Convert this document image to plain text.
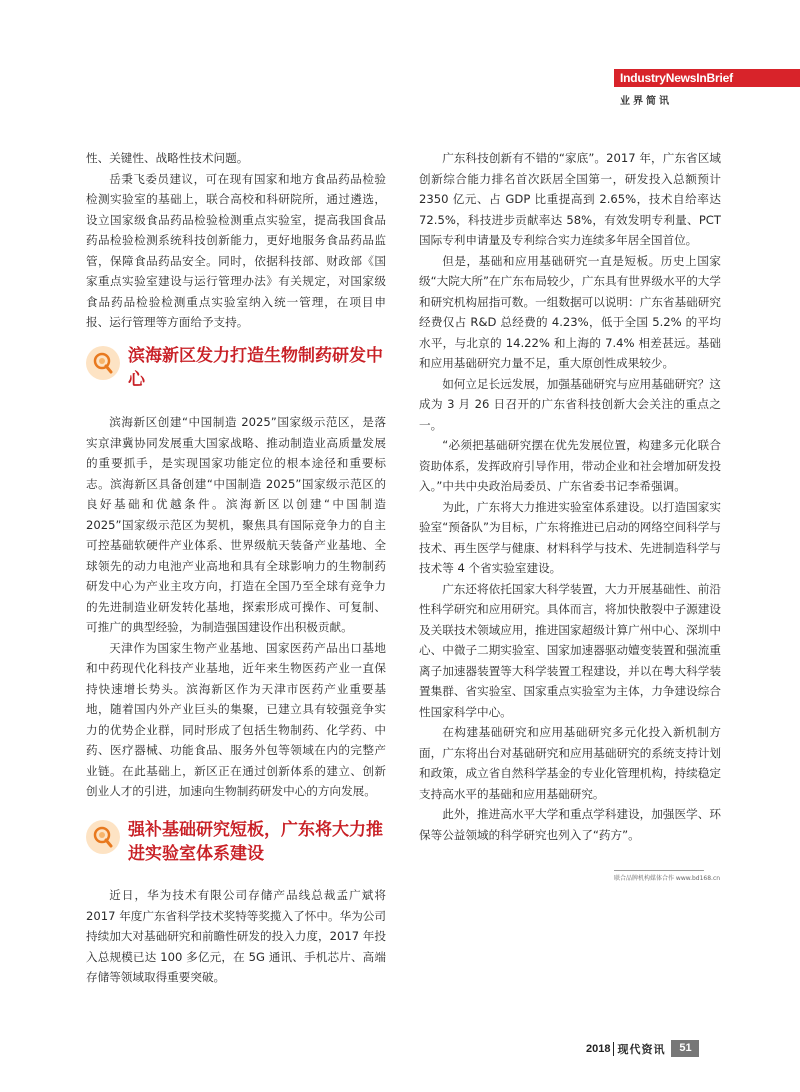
IndustryNewsInBrief
业界简讯

性、关键性、战略性技术问题。

岳秉飞委员建议，可在现有国家和地方食品药品检验检测实验室的基础上，联合高校和科研院所，通过遴选，设立国家级食品药品检验检测重点实验室，提高我国食品药品检验检测系统科技创新能力，更好地服务食品药品监管，保障食品药品安全。同时，依据科技部、财政部《国家重点实验室建设与运行管理办法》有关规定，对国家级食品药品检验检测重点实验室纳入统一管理，在项目申报、运行管理等方面给予支持。

滨海新区发力打造生物制药研发中心

滨海新区创建“中国制造 2025”国家级示范区，是落实京津冀协同发展重大国家战略、推动制造业高质量发展的重要抓手，是实现国家功能定位的根本途径和重要标志。滨海新区具备创建“中国制造 2025”国家级示范区的良好基础和优越条件。滨海新区以创建“中国制造 2025”国家级示范区为契机，聚焦具有国际竞争力的自主可控基础软硬件产业体系、世界级航天装备产业基地、全球领先的动力电池产业高地和具有全球影响力的生物制药研发中心为产业主攻方向，打造在全国乃至全球有竞争力的先进制造业研发转化基地，探索形成可操作、可复制、可推广的典型经验，为制造强国建设作出积极贡献。

天津作为国家生物产业基地、国家医药产品出口基地和中药现代化科技产业基地，近年来生物医药产业一直保持快速增长势头。滨海新区作为天津市医药产业重要基地，随着国内外产业巨头的集聚，已建立具有较强竞争实力的优势企业群，同时形成了包括生物制药、化学药、中药、医疗器械、功能食品、服务外包等领域在内的完整产业链。在此基础上，新区正在通过创新体系的建立、创新创业人才的引进，加速向生物制药研发中心的方向发展。

强补基础研究短板，广东将大力推进实验室体系建设

近日，华为技术有限公司存储产品线总裁孟广斌将 2017 年度广东省科学技术奖特等奖揽入了怀中。华为公司持续加大对基础研究和前瞻性研发的投入力度，2017 年投入总规模已达 100 多亿元，在 5G 通讯、手机芯片、高端存储等领域取得重要突破。

广东科技创新有不错的“家底”。2017 年，广东省区域创新综合能力排名首次跃居全国第一，研发投入总额预计 2350 亿元、占 GDP 比重提高到 2.65%，技术自给率达 72.5%，科技进步贡献率达 58%，有效发明专利量、PCT 国际专利申请量及专利综合实力连续多年居全国首位。

但是，基础和应用基础研究一直是短板。历史上国家级“大院大所”在广东布局较少，广东具有世界级水平的大学和研究机构屈指可数。一组数据可以说明：广东省基础研究经费仅占 R&D 总经费的 4.23%，低于全国 5.2% 的平均水平，与北京的 14.22% 和上海的 7.4% 相差甚远。基础和应用基础研究力量不足，重大原创性成果较少。

如何立足长远发展，加强基础研究与应用基础研究？这成为 3 月 26 日召开的广东省科技创新大会关注的重点之一。

“必须把基础研究摆在优先发展位置，构建多元化联合资助体系，发挥政府引导作用，带动企业和社会增加研发投入。”中共中央政治局委员、广东省委书记李希强调。

为此，广东将大力推进实验室体系建设。以打造国家实验室“预备队”为目标，广东将推进已启动的网络空间科学与技术、再生医学与健康、材料科学与技术、先进制造科学与技术等 4 个省实验室建设。

广东还将依托国家大科学装置，大力开展基础性、前沿性科学研究和应用研究。具体而言，将加快散裂中子源建设及关联技术领域应用，推进国家超级计算广州中心、深圳中心、中微子二期实验室、国家加速器驱动嬗变装置和强流重离子加速器装置等大科学装置工程建设，并以在粤大科学装置集群、省实验室、国家重点实验室为主体，力争建设综合性国家科学中心。

在构建基础研究和应用基础研究多元化投入新机制方面，广东将出台对基础研究和应用基础研究的系统支持计划和政策，成立省自然科学基金的专业化管理机构，持续稳定支持高水平的基础和应用基础研究。

此外，推进高水平大学和重点学科建设，加强医学、环保等公益领域的科学研究也列入了“药方”。

联合品牌机构媒体合作 www.bd168.cn
2018 现代资讯	51
